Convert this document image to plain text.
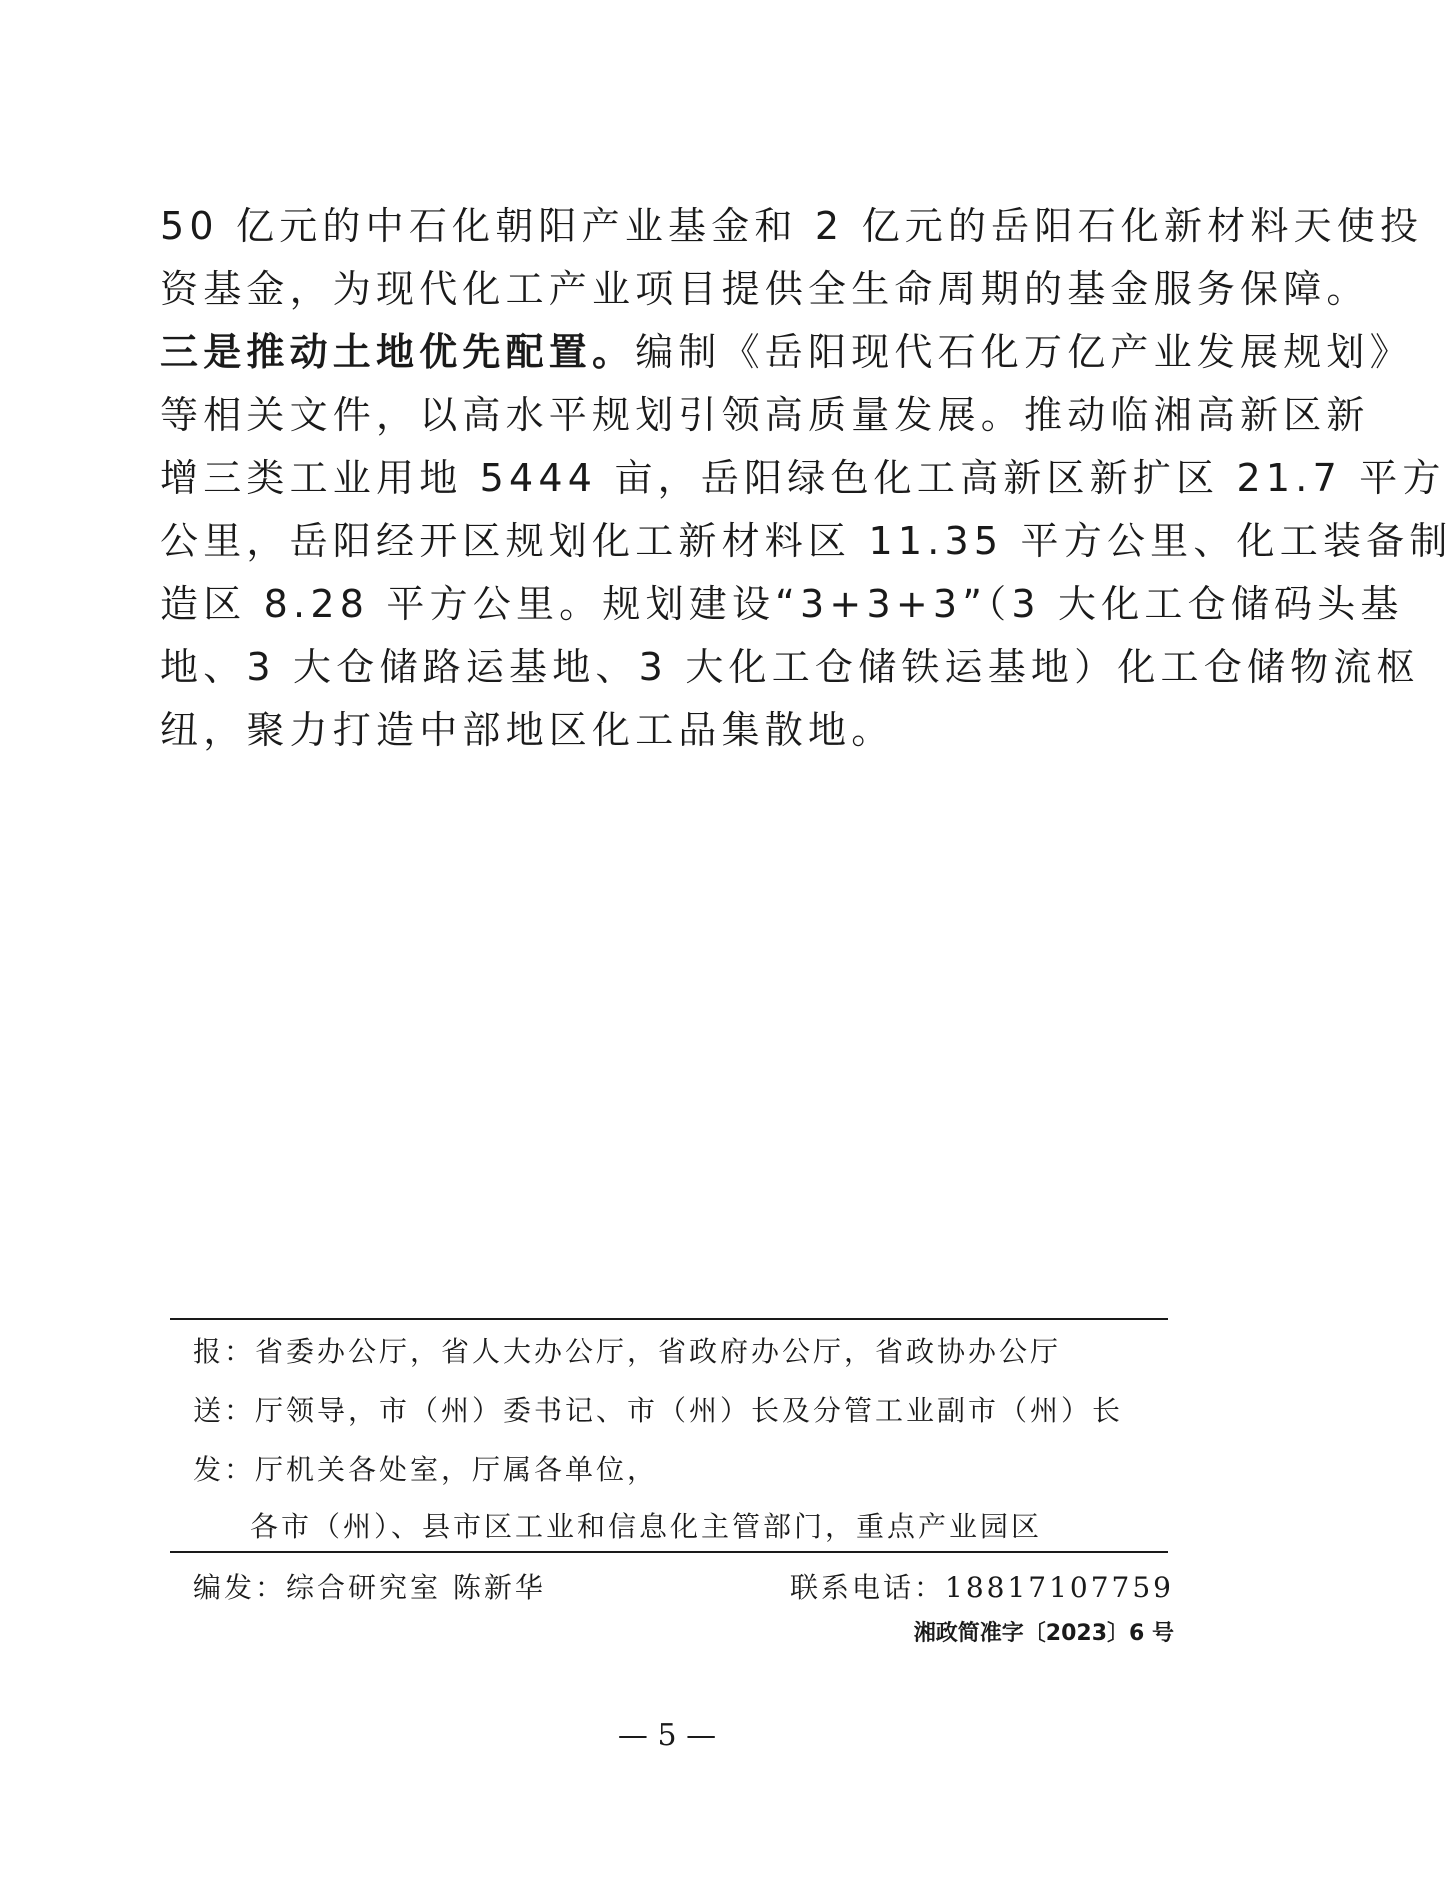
50 亿元的中石化朝阳产业基金和 2 亿元的岳阳石化新材料天使投
资基金，为现代化工产业项目提供全生命周期的基金服务保障。
三是推动土地优先配置。编制《岳阳现代石化万亿产业发展规划》
等相关文件，以高水平规划引领高质量发展。推动临湘高新区新
增三类工业用地 5444 亩，岳阳绿色化工高新区新扩区 21.7 平方
公里，岳阳经开区规划化工新材料区 11.35 平方公里、化工装备制
造区 8.28 平方公里。规划建设“3+3+3”（3 大化工仓储码头基
地、3 大仓储路运基地、3 大化工仓储铁运基地）化工仓储物流枢
纽，聚力打造中部地区化工品集散地。
报：省委办公厅，省人大办公厅，省政府办公厅，省政协办公厅
送：厅领导，市（州）委书记、市（州）长及分管工业副市（州）长
发：厅机关各处室，厅属各单位，
各市（州）、县市区工业和信息化主管部门，重点产业园区
编发：综合研究室 陈新华	联系电话：18817107759
湘政简准字〔2023〕6 号
— 5 —
